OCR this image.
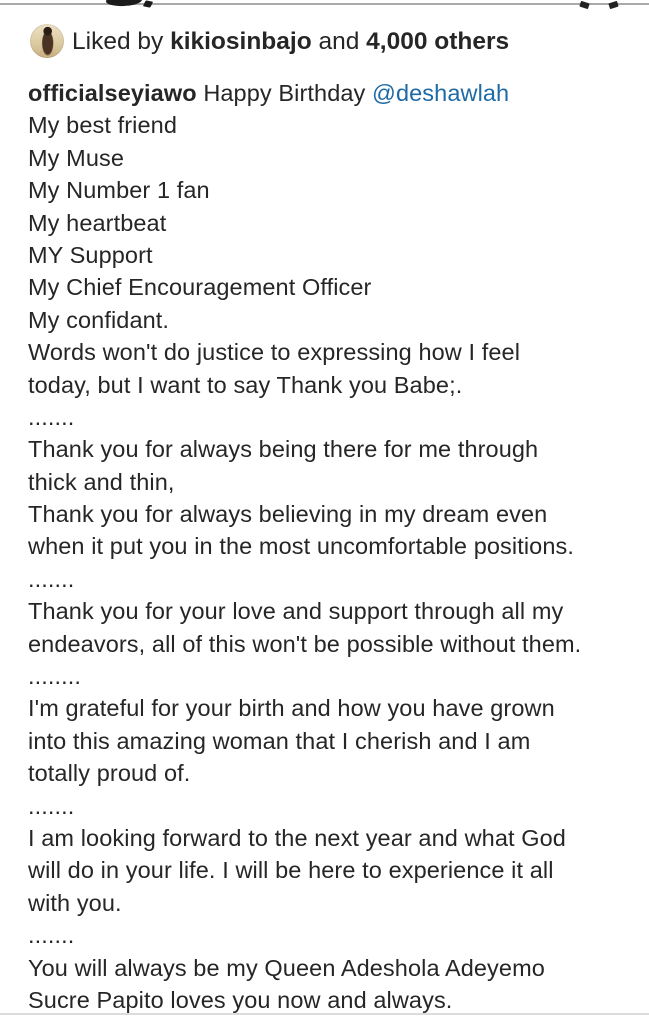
Liked by kikiosinbajo and 4,000 others
officialseyiawo Happy Birthday @deshawlah
My best friend
My Muse
My Number 1 fan
My heartbeat
MY Support
My Chief Encouragement Officer
My confidant.
Words won't do justice to expressing how I feel
today, but I want to say Thank you Babe;.
.......
Thank you for always being there for me through
thick and thin,
Thank you for always believing in my dream even
when it put you in the most uncomfortable positions.
.......
Thank you for your love and support through all my
endeavors, all of this won't be possible without them.
........
I'm grateful for your birth and how you have grown
into this amazing woman that I cherish and I am
totally proud of.
.......
I am looking forward to the next year and what God
will do in your life. I will be here to experience it all
with you.
.......
You will always be my Queen Adeshola Adeyemo
Sucre Papito loves you now and always.
